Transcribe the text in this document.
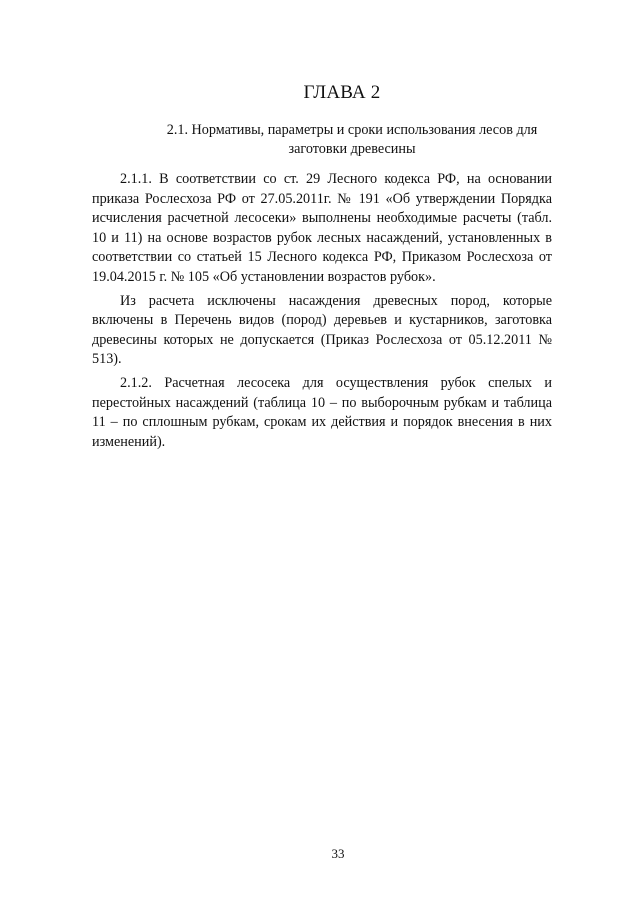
ГЛАВА 2
2.1. Нормативы, параметры и сроки использования лесов для заготовки древесины

2.1.1. В соответствии со ст. 29 Лесного кодекса РФ, на основании приказа Рослесхоза РФ от 27.05.2011г. № 191 «Об утверждении Порядка исчисления расчетной лесосеки» выполнены необходимые расчеты (табл. 10 и 11) на основе возрастов рубок лесных насаждений, установленных в соответствии со статьей 15 Лесного кодекса РФ, Приказом Рослесхоза от 19.04.2015 г. № 105 «Об установлении возрастов рубок».

Из расчета исключены насаждения древесных пород, которые включены в Перечень видов (пород) деревьев и кустарников, заготовка древесины которых не допускается (Приказ Рослесхоза от 05.12.2011 № 513).

2.1.2. Расчетная лесосека для осуществления рубок спелых и перестойных насаждений (таблица 10 – по выборочным рубкам и таблица 11 – по сплошным рубкам, срокам их действия и порядок внесения в них изменений).

33
